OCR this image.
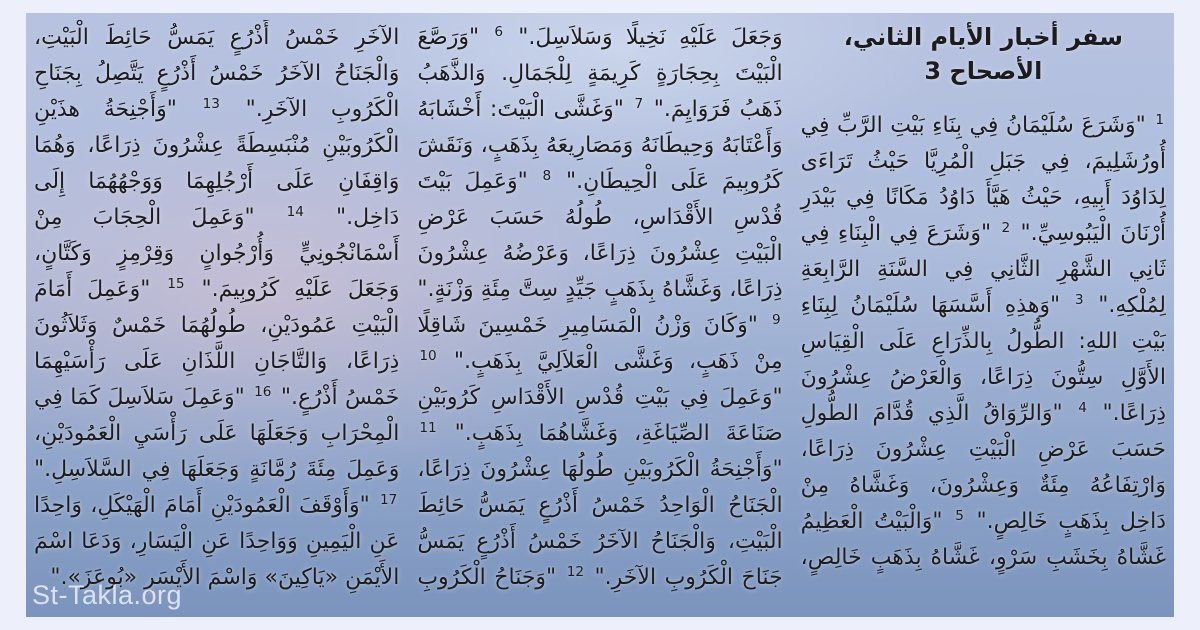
سفر أخبار الأيام الثاني، الأصحاح 3
$^1$ "وَشَرَعَ سُلَيْمَانُ فِي بِنَاءِ بَيْتِ الرَّبِّ فِي أُورُشَلِيمَ، فِي جَبَلِ الْمُرِيَّا حَيْثُ تَرَاءَى لِدَاوُدَ أَبِيهِ، حَيْثُ هَيَّأَ دَاوُدُ مَكَانًا فِي بَيْدَرِ أُرْنَانَ الْيَبُوسِيِّ." $^2$ "وَشَرَعَ فِي الْبِنَاءِ فِي ثَانِي الشَّهْرِ الثَّانِي فِي السَّنَةِ الرَّابِعَةِ لِمُلْكِهِ." $^3$ "وَهذِهِ أَسَّسَهَا سُلَيْمَانُ لِبِنَاءِ بَيْتِ اللهِ: الطُّولُ بِالذِّرَاعِ عَلَى الْقِيَاسِ الأَوَّلِ سِتُّونَ ذِرَاعًا، وَالْعَرْضُ عِشْرُونَ ذِرَاعًا." $^4$ "وَالرِّوَاقُ الَّذِي قُدَّامَ الطُّولِ حَسَبَ عَرْضِ الْبَيْتِ عِشْرُونَ ذِرَاعًا، وَارْتِفَاعُهُ مِئَةٌ وَعِشْرُونَ، وَغَشَّاهُ مِنْ دَاخِل بِذَهَبٍ خَالِصٍ." $^5$ "وَالْبَيْتُ الْعَظِيمُ غَشَّاهُ بِخَشَبِ سَرْوٍ، غَشَّاهُ بِذَهَبٍ خَالِصٍ، وَجَعَلَ عَلَيْهِ نَخِيلًا وَسَلاَسِلَ." $^6$ "وَرَصَّعَ الْبَيْتَ بِحِجَارَةٍ كَرِيمَةٍ لِلْجَمَالِ. وَالذَّهَبُ ذَهَبُ فَرَوَايِمَ." $^7$ "وَغَشَّى الْبَيْتَ: أَخْشَابَهُ وَأَعْتَابَهُ وَحِيطَانَهُ وَمَصَارِيعَهُ بِذَهَبٍ، وَنَقَشَ كَرُوبِيمَ عَلَى الْحِيطَانِ." $^8$ "وَعَمِلَ بَيْتَ قُدْسِ الأَقْدَاسِ، طُولُهُ حَسَبَ عَرْضِ الْبَيْتِ عِشْرُونَ ذِرَاعًا، وَعَرْضُهُ عِشْرُونَ ذِرَاعًا، وَغَشَّاهُ بِذَهَبٍ جَيِّدٍ سِتَّ مِئَةِ وَزْنَةٍ." $^9$ "وَكَانَ وَزْنُ الْمَسَامِيرِ خَمْسِينَ شَاقِلًا مِنْ ذَهَبٍ، وَغَشَّى الْعَلاَلِيَّ بِذَهَبٍ." $^{10}$ "وَعَمِلَ فِي بَيْتِ قُدْسِ الأَقْدَاسِ كَرُوبَيْنِ صَنَاعَةَ الصِّيَاغَةِ، وَغَشَّاهُمَا بِذَهَبٍ." $^{11}$ "وَأَجْنِحَةُ الْكَرُوبَيْنِ طُولُهَا عِشْرُونَ ذِرَاعًا، الْجَنَاحُ الْوَاحِدُ خَمْسُ أَذْرُعٍ يَمَسُّ حَائِطَ الْبَيْتِ، وَالْجَنَاحُ الآخَرُ خَمْسُ أَذْرُعٍ يَمَسُّ جَنَاحَ الْكَرُوبِ الآخَرِ." $^{12}$ "وَجَنَاحُ الْكَرُوبِ الآخَرِ خَمْسُ أَذْرُعٍ يَمَسُّ حَائِطَ الْبَيْتِ، وَالْجَنَاحُ الآخَرُ خَمْسُ أَذْرُعٍ يَتَّصِلُ بِجَنَاحِ الْكَرُوبِ الآخَرِ." $^{13}$ "وَأَجْنِحَةُ هذَيْنِ الْكَرُوبَيْنِ مُنْبَسِطَةً عِشْرُونَ ذِرَاعًا، وَهُمَا وَاقِفَانِ عَلَى أَرْجُلِهِمَا وَوَجْهُهُمَا إِلَى دَاخِل." $^{14}$ "وَعَمِلَ الْحِجَابَ مِنْ أَسْمَانْجُونِيٍّ وَأُرْجُوانٍ وَقِرْمِزٍ وَكَتَّانٍ، وَجَعَلَ عَلَيْهِ كَرُوبِيمَ." $^{15}$ "وَعَمِلَ أَمَامَ الْبَيْتِ عَمُودَيْنِ، طُولُهُمَا خَمْسٌ وَثَلاَثُونَ ذِرَاعًا، وَالتَّاجَانِ اللَّذَانِ عَلَى رَأْسَيْهِمَا خَمْسُ أَذْرُعٍ." $^{16}$ "وَعَمِلَ سَلاَسِلَ كَمَا فِي الْمِحْرَابِ وَجَعَلَهَا عَلَى رَأْسَيِ الْعَمُودَيْنِ، وَعَمِلَ مِئَةَ رُمَّانَةٍ وَجَعَلَهَا فِي السَّلاَسِلِ." $^{17}$ "وَأَوْقَفَ الْعَمُودَيْنِ أَمَامَ الْهَيْكَلِ، وَاحِدًا عَنِ الْيَمِينِ وَوَاحِدًا عَنِ الْيَسَارِ، وَدَعَا اسْمَ الأَيْمَنِ «يَاكِينَ» وَاسْمَ الأَيْسَرِ «بُوعَزَ»."
St-Takla.org
